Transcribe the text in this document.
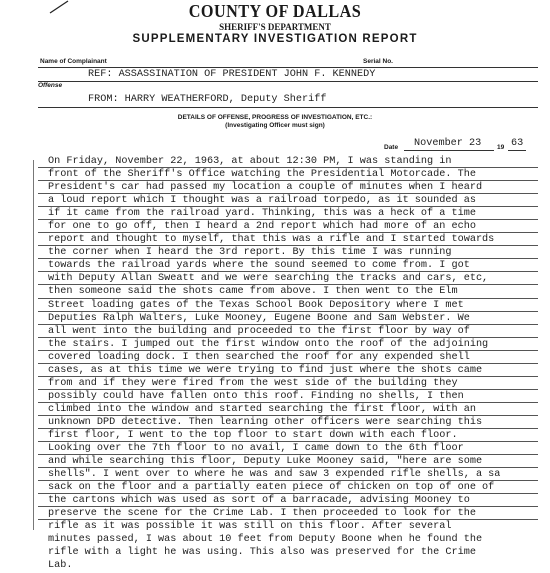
COUNTY OF DALLAS
SHERIFF'S DEPARTMENT
SUPPLEMENTARY INVESTIGATION REPORT
Name of Complainant	Serial No.
REF: ASSASSINATION OF PRESIDENT JOHN F. KENNEDY
Offense
FROM: HARRY WEATHERFORD, Deputy Sheriff
DETAILS OF OFFENSE, PROGRESS OF INVESTIGATION, ETC.:
(Investigating Officer must sign)
Date November 23 19 63
On Friday, November 22, 1963, at about 12:30 PM, I was standing in
front of the Sheriff's Office watching the Presidential Motorcade. The
President's car had passed my location a couple of minutes when I heard
a loud report which I thought was a railroad torpedo, as it sounded as
if it came from the railroad yard. Thinking, this was a heck of a time
for one to go off, then I heard a 2nd report which had more of an echo
report and thought to myself, that this was a rifle and I started towards
the corner when I heard the 3rd report. By this time I was running
towards the railroad yards where the sound seemed to come from. I got
with Deputy Allan Sweatt and we were searching the tracks and cars, etc,
then someone said the shots came from above. I then went to the Elm
Street loading gates of the Texas School Book Depository where I met
Deputies Ralph Walters, Luke Mooney, Eugene Boone and Sam Webster. We
all went into the building and proceeded to the first floor by way of
the stairs. I jumped out the first window onto the roof of the adjoining
covered loading dock. I then searched the roof for any expended shell
cases, as at this time we were trying to find just where the shots came
from and if they were fired from the west side of the building they
possibly could have fallen onto this roof. Finding no shells, I then
climbed into the window and started searching the first floor, with an
unknown DPD detective. Then learning other officers were searching this
first floor, I went to the top floor to start down with each floor.
Looking over the 7th floor to no avail, I came down to the 6th floor
and while searching this floor, Deputy Luke Mooney said, "here are some
shells". I went over to where he was and saw 3 expended rifle shells, a sa
sack on the floor and a partially eaten piece of chicken on top of one of
the cartons which was used as sort of a barracade, advising Mooney to
preserve the scene for the Crime Lab. I then proceeded to look for the
rifle as it was possible it was still on this floor. After several
minutes passed, I was about 10 feet from Deputy Boone when he found the
rifle with a light he was using. This also was preserved for the Crime
Lab.
